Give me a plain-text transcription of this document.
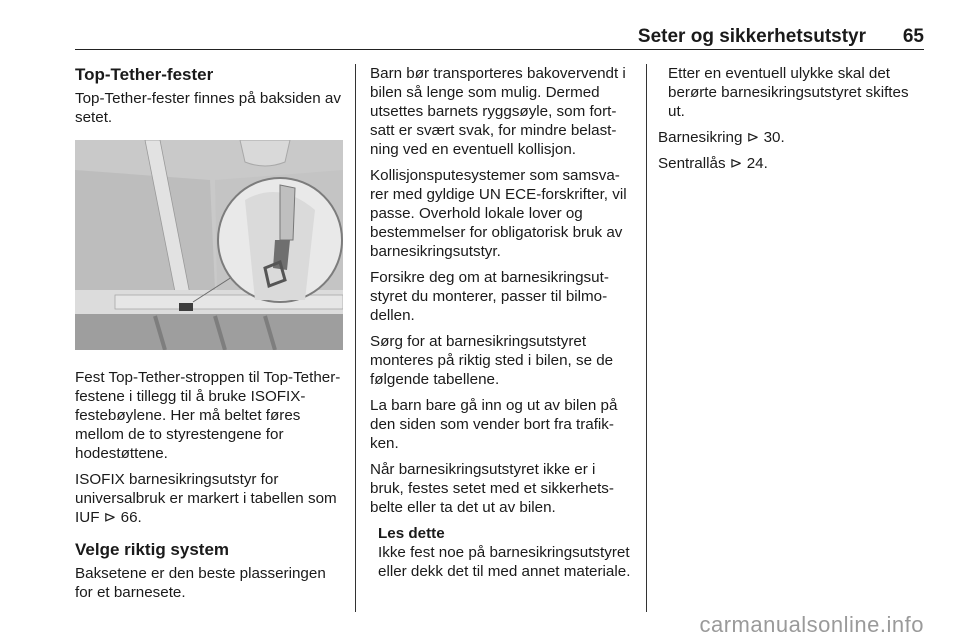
Seter og sikkerhetsutstyr 65
Top-Tether-fester

Top-Tether-fester finnes på baksiden av setet.

Fest Top-Tether-stroppen til Top-Tether-festene i tillegg til å bruke ISOFIX-festebøylene. Her må beltet føres mellom de to styrestengene for hodestøttene.

ISOFIX barnesikringsutstyr for universalbruk er markert i tabellen som IUF ⊳ 66.

Velge riktig system

Baksetene er den beste plasseringen for et barnesete.

Barn bør transporteres bakovervendt i bilen så lenge som mulig. Dermed utsettes barnets ryggsøyle, som fortsatt er svært svak, for mindre belastning ved en eventuell kollisjon.

Kollisjonsputesystemer som samsvarer med gyldige UN ECE-forskrifter, vil passe. Overhold lokale lover og bestemmelser for obligatorisk bruk av barnesikringsutstyr.

Forsikre deg om at barnesikringsutstyret du monterer, passer til bilmodellen.

Sørg for at barnesikringsutstyret monteres på riktig sted i bilen, se de følgende tabellene.

La barn bare gå inn og ut av bilen på den siden som vender bort fra trafikken.

Når barnesikringsutstyret ikke er i bruk, festes setet med et sikkerhetsbelte eller ta det ut av bilen.

Les dette
Ikke fest noe på barnesikringsutstyret eller dekk det til med annet materiale.

Etter en eventuell ulykke skal det berørte barnesikringsutstyret skiftes ut.

Barnesikring ⊳ 30.

Sentrallås ⊳ 24.

carmanualsonline.info
